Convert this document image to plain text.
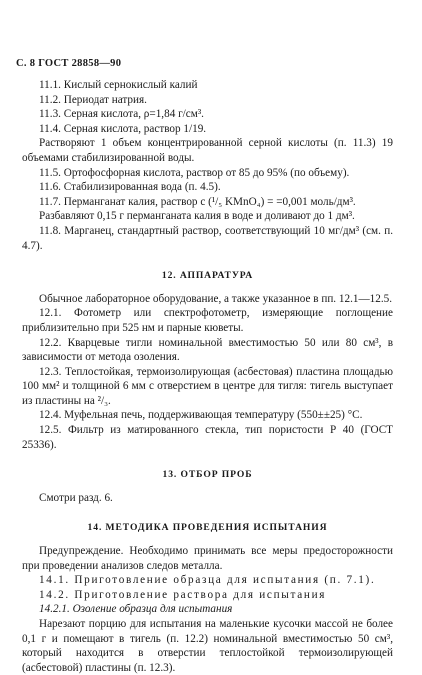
С. 8 ГОСТ 28858—90

11.1. Кислый сернокислый калий

11.2. Периодат натрия.

11.3. Серная кислота, ρ=1,84 г/см³.

11.4. Серная кислота, раствор 1/19.

Растворяют 1 объем концентрированной серной кислоты (п. 11.3) 19 объемами стабилизированной воды.

11.5. Ортофосфорная кислота, раствор от 85 до 95% (по объему).

11.6. Стабилизированная вода (п. 4.5).

11.7. Перманганат калия, раствор с (¹/₅ KMnO₄) = =0,001 моль/дм³.

Разбавляют 0,15 г перманганата калия в воде и доливают до 1 дм³.

11.8. Марганец, стандартный раствор, соответствующий 10 мг/дм³ (см. п. 4.7).

12. АППАРАТУРА

Обычное лабораторное оборудование, а также указанное в пп. 12.1—12.5.

12.1. Фотометр или спектрофотометр, измеряющие поглощение приблизительно при 525 нм и парные кюветы.

12.2. Кварцевые тигли номинальной вместимостью 50 или 80 см³, в зависимости от метода озоления.

12.3. Теплостойкая, термоизолирующая (асбестовая) пластина площадью 100 мм² и толщиной 6 мм с отверстием в центре для тигля: тигель выступает из пластины на ²/₃.

12.4. Муфельная печь, поддерживающая температуру (550±±25) °С.

12.5. Фильтр из матированного стекла, тип пористости Р 40 (ГОСТ 25336).

13. ОТБОР ПРОБ

Смотри разд. 6.

14. МЕТОДИКА ПРОВЕДЕНИЯ ИСПЫТАНИЯ

Предупреждение. Необходимо принимать все меры предосторожности при проведении анализов следов металла.

14.1. Приготовление образца для испытания (п. 7.1).

14.2. Приготовление раствора для испытания

14.2.1. Озоление образца для испытания

Нарезают порцию для испытания на маленькие кусочки массой не более 0,1 г и помещают в тигель (п. 12.2) номинальной вместимостью 50 см³, который находится в отверстии теплостойкой термоизолирующей (асбестовой) пластины (п. 12.3).
